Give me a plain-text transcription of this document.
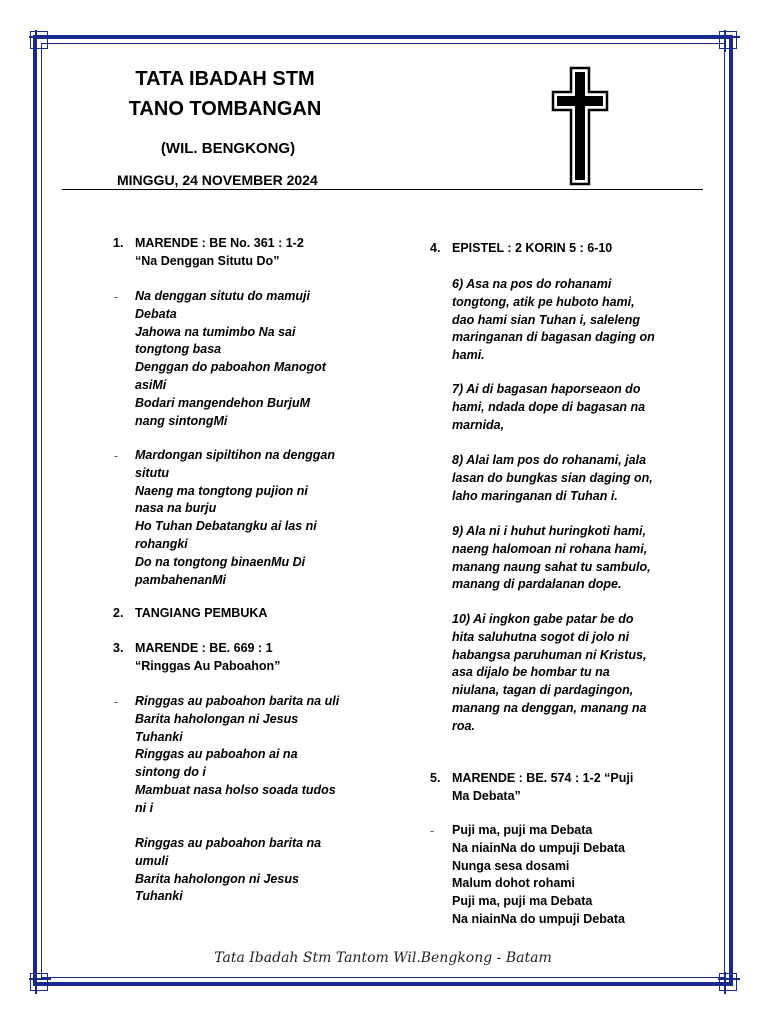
TATA IBADAH STM
TANO TOMBANGAN
(WIL. BENGKONG)
MINGGU, 24 NOVEMBER 2024
1. MARENDE : BE No. 361 : 1-2
“Na Denggan Situtu Do”
- Na denggan situtu do mamuji
Debata
Jahowa na tumimbo Na sai
tongtong basa
Denggan do paboahon Manogot
asiMi
Bodari mangendehon BurjuM
nang sintongMi
- Mardongan sipiltihon na denggan
situtu
Naeng ma tongtong pujion ni
nasa na burju
Ho Tuhan Debatangku ai las ni
rohangki
Do na tongtong binaenMu Di
pambahenanMi
2. TANGIANG PEMBUKA
3. MARENDE : BE. 669 : 1
“Ringgas Au Paboahon”
- Ringgas au paboahon barita na uli
Barita haholongan ni Jesus
Tuhanki
Ringgas au paboahon ai na
sintong do i
Mambuat nasa holso soada tudos
ni i
Ringgas au paboahon barita na
umuli
Barita haholongon ni Jesus
Tuhanki
4. EPISTEL : 2 KORIN 5 : 6-10
6) Asa na pos do rohanami
tongtong, atik pe huboto hami,
dao hami sian Tuhan i, saleleng
maringanan di bagasan daging on
hami.
7) Ai di bagasan haporseaon do
hami, ndada dope di bagasan na
marnida,
8) Alai lam pos do rohanami, jala
lasan do bungkas sian daging on,
laho maringanan di Tuhan i.
9) Ala ni i huhut huringkoti hami,
naeng halomoan ni rohana hami,
manang naung sahat tu sambulo,
manang di pardalanan dope.
10) Ai ingkon gabe patar be do
hita saluhutna sogot di jolo ni
habangsa paruhuman ni Kristus,
asa dijalo be hombar tu na
niulana, tagan di pardagingon,
manang na denggan, manang na
roa.
5. MARENDE : BE. 574 : 1-2 “Puji
Ma Debata”
- Puji ma, puji ma Debata
Na niainNa do umpuji Debata
Nunga sesa dosami
Malum dohot rohami
Puji ma, puji ma Debata
Na niainNa do umpuji Debata
Tata Ibadah Stm Tantom Wil.Bengkong - Batam
